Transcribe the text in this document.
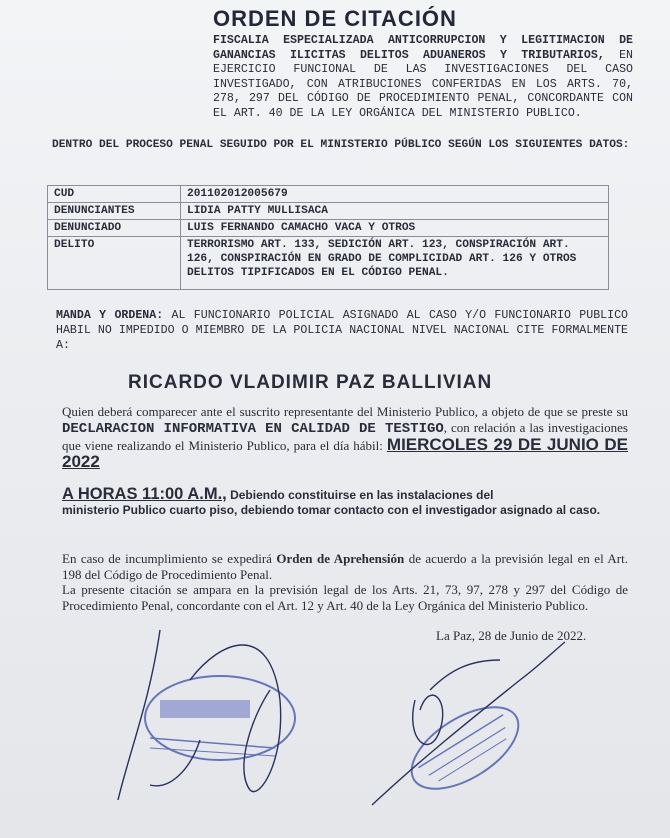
ORDEN DE CITACIÓN
FISCALIA ESPECIALIZADA ANTICORRUPCION Y LEGITIMACION DE GANANCIAS ILICITAS DELITOS ADUANEROS Y TRIBUTARIOS, EN EJERCICIO FUNCIONAL DE LAS INVESTIGACIONES DEL CASO INVESTIGADO, CON ATRIBUCIONES CONFERIDAS EN LOS ARTS. 70, 278, 297 DEL CÓDIGO DE PROCEDIMIENTO PENAL, CONCORDANTE CON EL ART. 40 DE LA LEY ORGÁNICA DEL MINISTERIO PUBLICO.
DENTRO DEL PROCESO PENAL SEGUIDO POR EL MINISTERIO PÚBLICO SEGÚN LOS SIGUIENTES DATOS:
CUD	201102012005679
DENUNCIANTES	LIDIA PATTY MULLISACA
DENUNCIADO	LUIS FERNANDO CAMACHO VACA Y OTROS
DELITO	TERRORISMO ART. 133, SEDICIÓN ART. 123, CONSPIRACIÓN ART. 126, CONSPIRACIÓN EN GRADO DE COMPLICIDAD ART. 126 Y OTROS DELITOS TIPIFICADOS EN EL CÓDIGO PENAL.
MANDA Y ORDENA: AL FUNCIONARIO POLICIAL ASIGNADO AL CASO Y/O FUNCIONARIO PUBLICO HABIL NO IMPEDIDO O MIEMBRO DE LA POLICIA NACIONAL NIVEL NACIONAL CITE FORMALMENTE A:
RICARDO VLADIMIR PAZ BALLIVIAN
Quien deberá comparecer ante el suscrito representante del Ministerio Publico, a objeto de que se preste su DECLARACION INFORMATIVA EN CALIDAD DE TESTIGO, con relación a las investigaciones que viene realizando el Ministerio Publico, para el día hábil: MIERCOLES 29 DE JUNIO DE 2022
A HORAS 11:00 A.M., Debiendo constituirse en las instalaciones del
ministerio Publico cuarto piso, debiendo tomar contacto con el investigador asignado al caso.
En caso de incumplimiento se expedirá Orden de Aprehensión de acuerdo a la previsión legal en el Art. 198 del Código de Procedimiento Penal.
La presente citación se ampara en la previsión legal de los Arts. 21, 73, 97, 278 y 297 del Código de Procedimiento Penal, concordante con el Art. 12 y Art. 40 de la Ley Orgánica del Ministerio Publico.
La Paz, 28 de Junio de 2022.
